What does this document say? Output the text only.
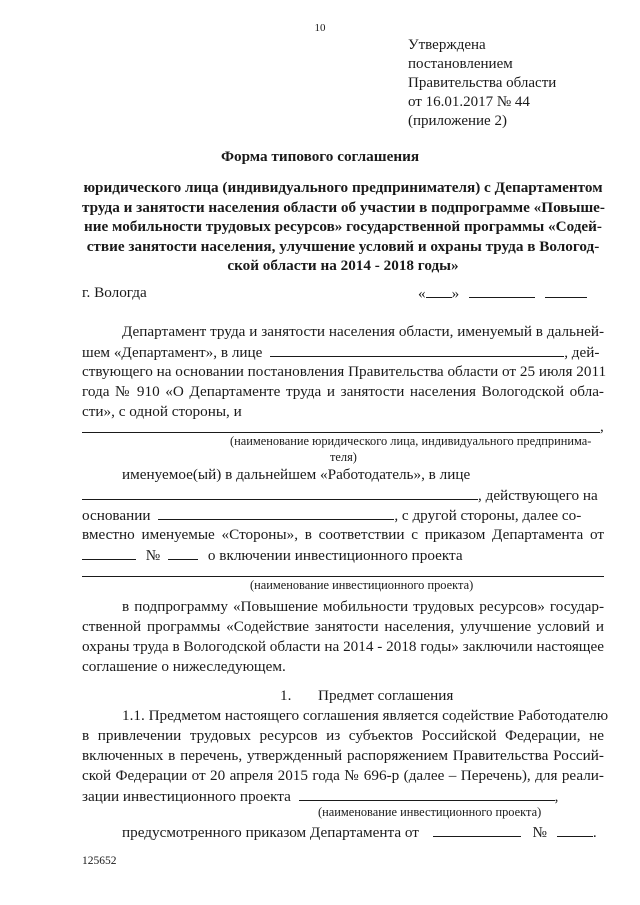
10
Утверждена
постановлением
Правительства области
от 16.01.2017 № 44
(приложение 2)
Форма типового соглашения
юридического лица (индивидуального предпринимателя) с Департаментом
труда и занятости населения области об участии в подпрограмме «Повыше-
ние мобильности трудовых ресурсов» государственной программы «Содей-
ствие занятости населения, улучшение условий и охраны труда в Вологод-
ской области на 2014 - 2018 годы»
г. Вологда	« »
Департамент труда и занятости населения области, именуемый в дальней-
шем «Департамент», в лице	, дей-
ствующего на основании постановления Правительства области от 25 июля 2011
года № 910 «О Департаменте труда и занятости населения Вологодской обла-
сти», с одной стороны, и
,
(наименование юридического лица, индивидуального предпринима-
теля)
именуемое(ый) в дальнейшем «Работодатель», в лице
, действующего на
основании	, с другой стороны, далее со-
вместно именуемые «Стороны», в соответствии с приказом Департамента от
№	о включении инвестиционного проекта
(наименование инвестиционного проекта)
в подпрограмму «Повышение мобильности трудовых ресурсов» государ-
ственной программы «Содействие занятости населения, улучшение условий и
охраны труда в Вологодской области на 2014 - 2018 годы» заключили настоящее
соглашение о нижеследующем.
1. Предмет соглашения
1.1. Предметом настоящего соглашения является содействие Работодателю
в привлечении трудовых ресурсов из субъектов Российской Федерации, не
включенных в перечень, утвержденный распоряжением Правительства Россий-
ской Федерации от 20 апреля 2015 года № 696-р (далее – Перечень), для реали-
зации инвестиционного проекта	,
(наименование инвестиционного проекта)
предусмотренного приказом Департамента от	№	.
125652
